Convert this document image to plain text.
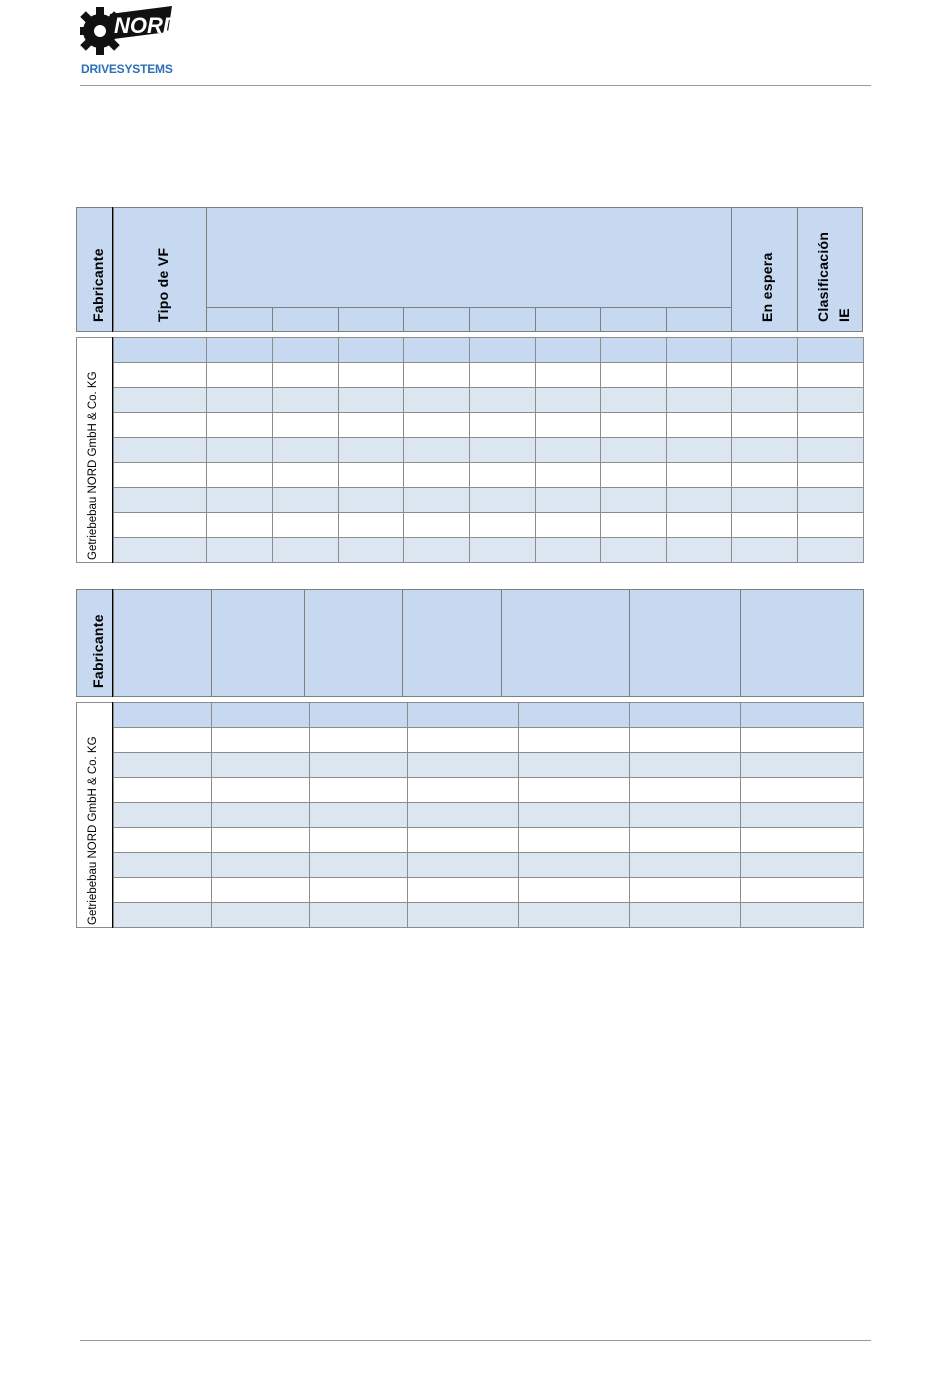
NORD
DRIVESYSTEMS
Fabricante	Tipo de VF	En espera	Clasificación IE
Getriebebau NORD GmbH & Co. KG
Fabricante
Getriebebau NORD GmbH & Co. KG
